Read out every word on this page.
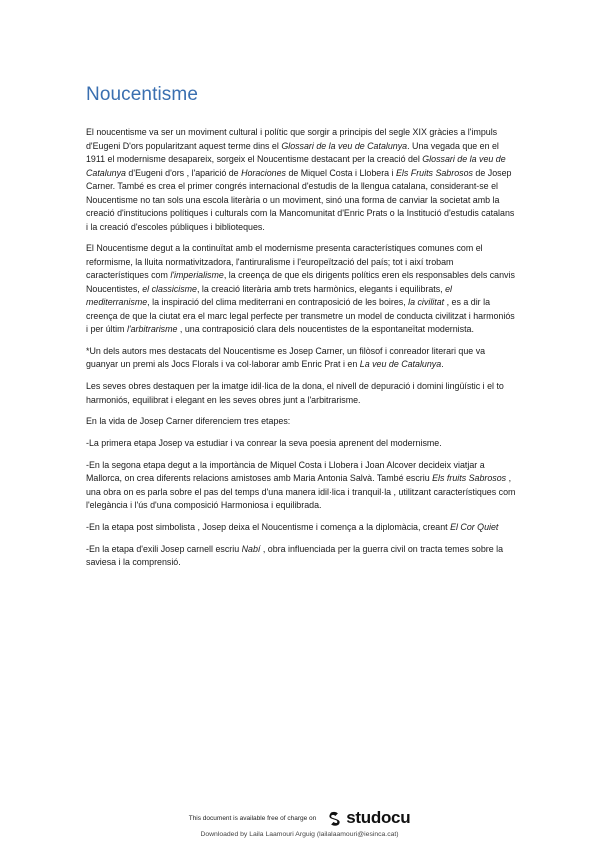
Noucentisme

El noucentisme va ser un moviment cultural i polític que sorgir a principis del segle XIX gràcies a l'impuls d'Eugeni D'ors popularitzant aquest terme dins el Glossari de la veu de Catalunya. Una vegada que en el 1911 el modernisme desapareix, sorgeix el Noucentisme destacant per la creació del Glossari de la veu de Catalunya d'Eugeni d'ors , l'aparició de Horaciones de Miquel Costa i Llobera i Els Fruits Sabrosos de Josep Carner. També es crea el primer congrés internacional d'estudis de la llengua catalana, considerant-se el Noucentisme no tan sols una escola literària o un moviment, sinó una forma de canviar la societat amb la creació d'institucions polítiques i culturals com la Mancomunitat d'Enric Prats o la Institució d'estudis catalans i la creació d'escoles públiques i biblioteques.

El Noucentisme degut a la continuïtat amb el modernisme presenta característiques comunes com el reformisme, la lluita normativitzadora, l'antiruralisme i l'europeïtzació del país; tot i així trobam característiques com l'imperialisme, la creença de que els dirigents polítics eren els responsables dels canvis Noucentistes, el classicisme, la creació literària amb trets harmònics, elegants i equilibrats, el mediterranisme, la inspiració del clima mediterrani en contraposició de les boires, la civilitat , es a dir la creença de que la ciutat era el marc legal perfecte per transmetre un model de conducta civilitzat i harmoniós i per últim l'arbitrarisme , una contraposició clara dels noucentistes de la espontaneïtat modernista.

*Un dels autors mes destacats del Noucentisme es Josep Carner, un filòsof i conreador literari que va guanyar un premi als Jocs Florals i va col·laborar amb Enric Prat i en La veu de Catalunya.

Les seves obres destaquen per la imatge idil·lica de la dona, el nivell de depuració i domini lingüístic i el to harmoniós, equilibrat i elegant en les seves obres junt a l'arbitrarisme.

En la vida de Josep Carner diferenciem tres etapes:

-La primera etapa Josep va estudiar i va conrear la seva poesia aprenent del modernisme.

-En la segona etapa degut a la importància de Miquel Costa i Llobera i Joan Alcover decideix viatjar a Mallorca, on crea diferents relacions amistoses amb Maria Antonia Salvà. També escriu Els fruits Sabrosos , una obra on es parla sobre el pas del temps d'una manera idil·lica i tranquil·la , utilitzant característiques com l'elegància i l'ús d'una composició Harmoniosa i equilibrada.

-En la etapa post simbolista , Josep deixa el Noucentisme i comença a la diplomàcia, creant El Cor Quiet

-En la etapa d'exili Josep carnell escriu Nabí , obra influenciada per la guerra civil on tracta temes sobre la saviesa i la comprensió.

This document is available free of charge on studocu
Downloaded by Laila Laamouri Arguig (lailalaamouri@iesinca.cat)
